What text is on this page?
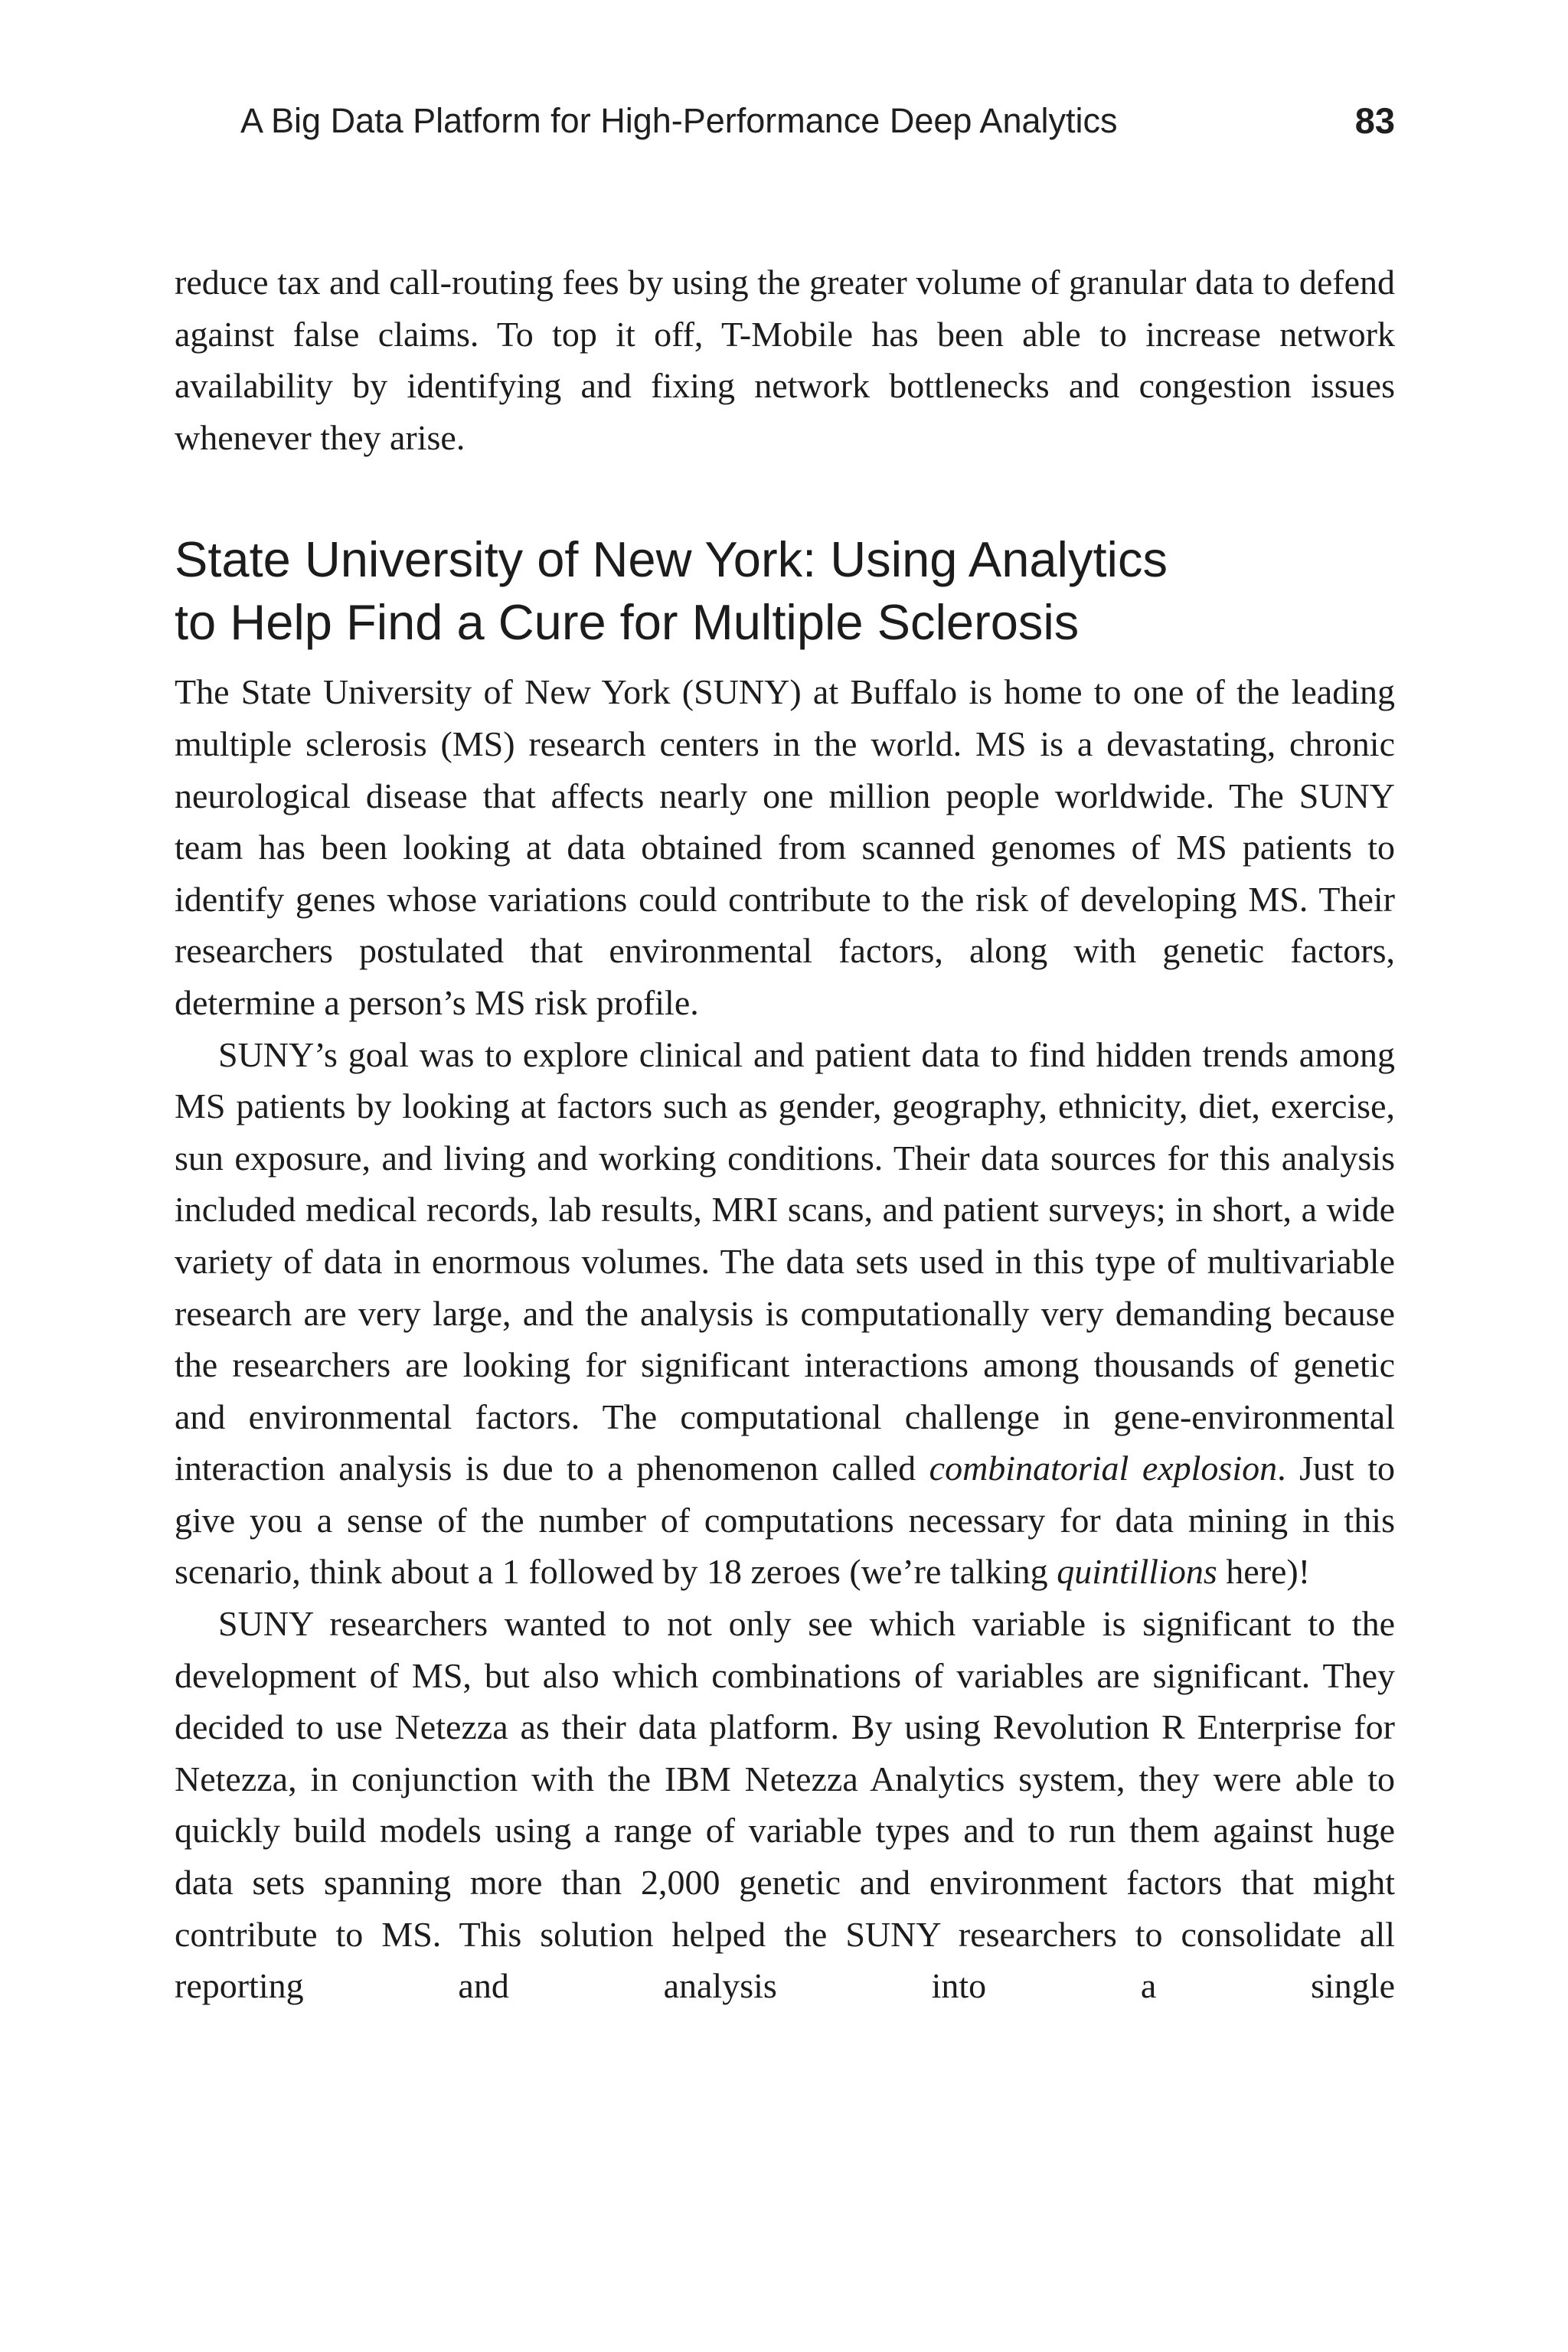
A Big Data Platform for High-Performance Deep Analytics	83

reduce tax and call-routing fees by using the greater volume of granular data to defend against false claims. To top it off, T-Mobile has been able to increase network availability by identifying and fixing network bottlenecks and congestion issues whenever they arise.

State University of New York: Using Analytics
to Help Find a Cure for Multiple Sclerosis

The State University of New York (SUNY) at Buffalo is home to one of the leading multiple sclerosis (MS) research centers in the world. MS is a devastating, chronic neurological disease that affects nearly one million people worldwide. The SUNY team has been looking at data obtained from scanned genomes of MS patients to identify genes whose variations could contribute to the risk of developing MS. Their researchers postulated that environmental factors, along with genetic factors, determine a person’s MS risk profile.

SUNY’s goal was to explore clinical and patient data to find hidden trends among MS patients by looking at factors such as gender, geography, ethnicity, diet, exercise, sun exposure, and living and working conditions. Their data sources for this analysis included medical records, lab results, MRI scans, and patient surveys; in short, a wide variety of data in enormous volumes. The data sets used in this type of multivariable research are very large, and the analysis is computationally very demanding because the researchers are looking for significant interactions among thousands of genetic and environmental factors. The computational challenge in gene-environmental interaction analysis is due to a phenomenon called combinatorial explosion. Just to give you a sense of the number of computations necessary for data mining in this scenario, think about a 1 followed by 18 zeroes (we’re talking quintillions here)!

SUNY researchers wanted to not only see which variable is significant to the development of MS, but also which combinations of variables are significant. They decided to use Netezza as their data platform. By using Revolution R Enterprise for Netezza, in conjunction with the IBM Netezza Analytics system, they were able to quickly build models using a range of variable types and to run them against huge data sets spanning more than 2,000 genetic and environment factors that might contribute to MS. This solution helped the SUNY researchers to consolidate all reporting and analysis into a single
